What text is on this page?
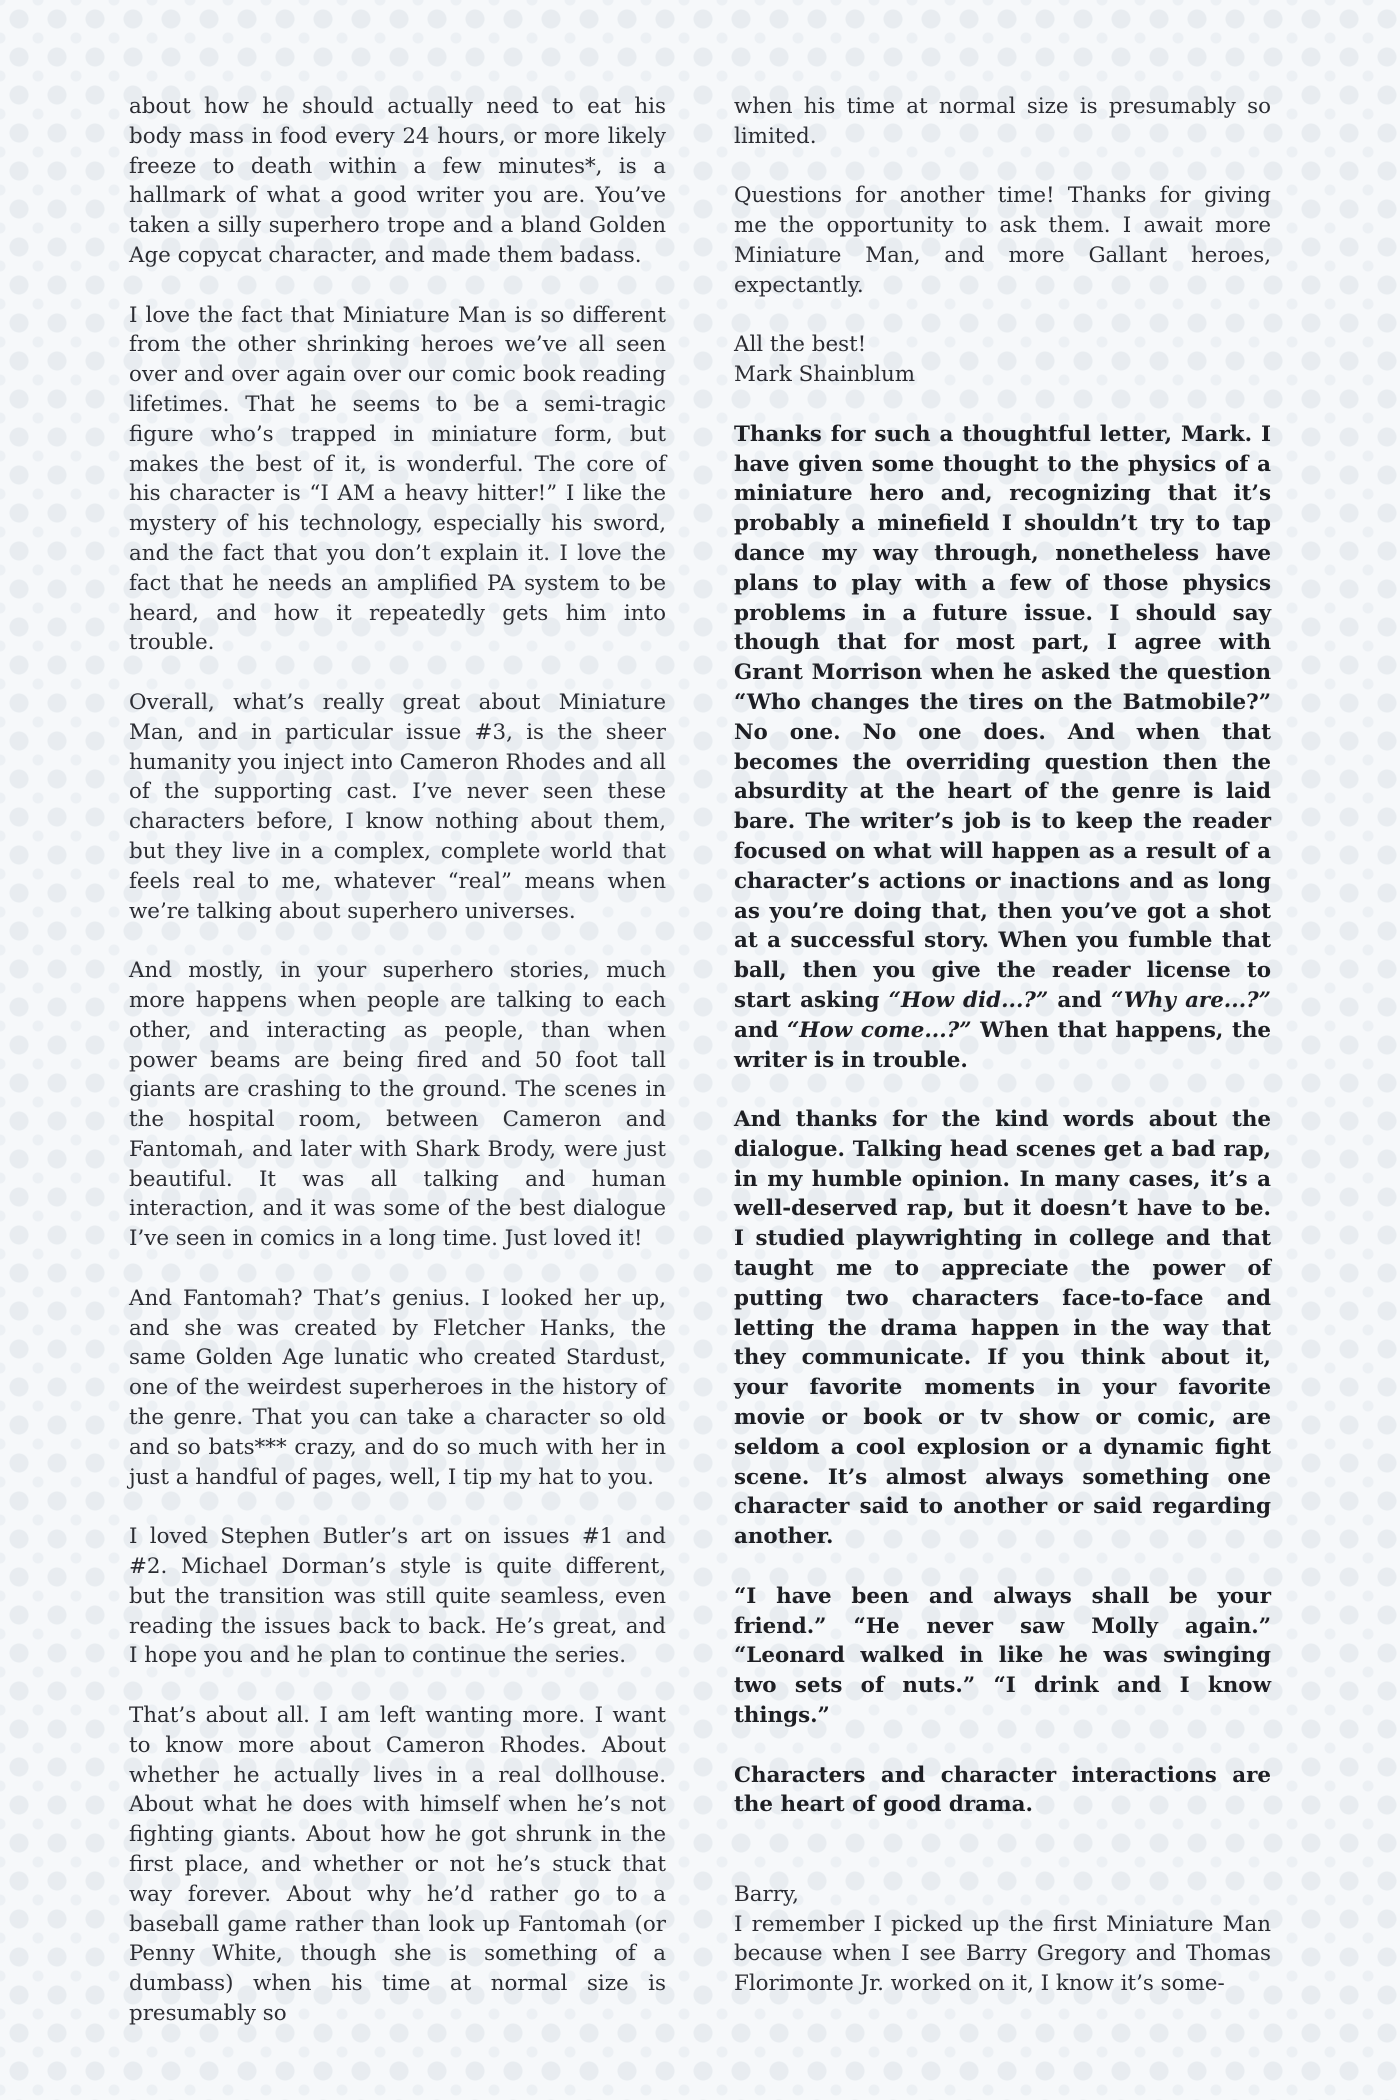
about how he should actually need to eat his body mass in food every 24 hours, or more likely freeze to death within a few minutes*, is a hallmark of what a good writer you are. You’ve taken a silly superhero trope and a bland Golden Age copycat character, and made them badass.

I love the fact that Miniature Man is so different from the other shrinking heroes we’ve all seen over and over again over our comic book reading lifetimes. That he seems to be a semi-tragic figure who’s trapped in miniature form, but makes the best of it, is wonderful. The core of his character is “I AM a heavy hitter!” I like the mystery of his technology, especially his sword, and the fact that you don’t explain it. I love the fact that he needs an amplified PA system to be heard, and how it repeatedly gets him into trouble.

Overall, what’s really great about Miniature Man, and in particular issue #3, is the sheer humanity you inject into Cameron Rhodes and all of the supporting cast. I’ve never seen these characters before, I know nothing about them, but they live in a complex, complete world that feels real to me, whatever “real” means when we’re talking about superhero universes.

And mostly, in your superhero stories, much more happens when people are talking to each other, and interacting as people, than when power beams are being fired and 50 foot tall giants are crashing to the ground. The scenes in the hospital room, between Cameron and Fantomah, and later with Shark Brody, were just beautiful. It was all talking and human interaction, and it was some of the best dialogue I’ve seen in comics in a long time. Just loved it!

And Fantomah? That’s genius. I looked her up, and she was created by Fletcher Hanks, the same Golden Age lunatic who created Stardust, one of the weirdest superheroes in the history of the genre. That you can take a character so old and so bats*** crazy, and do so much with her in just a handful of pages, well, I tip my hat to you.

I loved Stephen Butler’s art on issues #1 and #2. Michael Dorman’s style is quite different, but the transition was still quite seamless, even reading the issues back to back. He’s great, and I hope you and he plan to continue the series.

That’s about all. I am left wanting more. I want to know more about Cameron Rhodes. About whether he actually lives in a real dollhouse. About what he does with himself when he’s not fighting giants. About how he got shrunk in the first place, and whether or not he’s stuck that way forever. About why he’d rather go to a baseball game rather than look up Fantomah (or Penny White, though she is something of a dumbass) when his time at normal size is presumably so

when his time at normal size is presumably so limited.

Questions for another time! Thanks for giving me the opportunity to ask them. I await more Miniature Man, and more Gallant heroes, expectantly.

All the best!
Mark Shainblum

Thanks for such a thoughtful letter, Mark. I have given some thought to the physics of a miniature hero and, recognizing that it’s probably a minefield I shouldn’t try to tap dance my way through, nonetheless have plans to play with a few of those physics problems in a future issue. I should say though that for most part, I agree with Grant Morrison when he asked the question “Who changes the tires on the Batmobile?” No one. No one does. And when that becomes the overriding question then the absurdity at the heart of the genre is laid bare. The writer’s job is to keep the reader focused on what will happen as a result of a character’s actions or inactions and as long as you’re doing that, then you’ve got a shot at a successful story. When you fumble that ball, then you give the reader license to start asking “How did...?” and “Why are...?” and “How come...?” When that happens, the writer is in trouble.

And thanks for the kind words about the dialogue. Talking head scenes get a bad rap, in my humble opinion. In many cases, it’s a well-deserved rap, but it doesn’t have to be. I studied playwrighting in college and that taught me to appreciate the power of putting two characters face-to-face and letting the drama happen in the way that they communicate. If you think about it, your favorite moments in your favorite movie or book or tv show or comic, are seldom a cool explosion or a dynamic fight scene. It’s almost always something one character said to another or said regarding another.

“I have been and always shall be your friend.” “He never saw Molly again.” “Leonard walked in like he was swinging two sets of nuts.” “I drink and I know things.”

Characters and character interactions are the heart of good drama.

Barry,
I remember I picked up the first Miniature Man because when I see Barry Gregory and Thomas Florimonte Jr. worked on it, I know it’s some-
